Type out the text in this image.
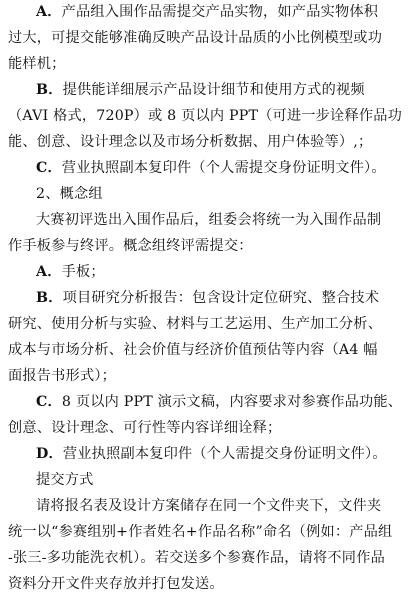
A．产品组入围作品需提交产品实物，如产品实物体积
过大，可提交能够准确反映产品设计品质的小比例模型或功
能样机；
B．提供能详细展示产品设计细节和使用方式的视频
（AVI 格式，720P）或 8 页以内 PPT（可进一步诠释作品功
能、创意、设计理念以及市场分析数据、用户体验等）,；
C．营业执照副本复印件（个人需提交身份证明文件）。
2、概念组
大赛初评选出入围作品后，组委会将统一为入围作品制
作手板参与终评。概念组终评需提交：
A．手板；
B．项目研究分析报告：包含设计定位研究、整合技术
研究、使用分析与实验、材料与工艺运用、生产加工分析、
成本与市场分析、社会价值与经济价值预估等内容（A4 幅
面报告书形式）；
C．8 页以内 PPT 演示文稿，内容要求对参赛作品功能、
创意、设计理念、可行性等内容详细诠释；
D．营业执照副本复印件（个人需提交身份证明文件）。
提交方式
请将报名表及设计方案储存在同一个文件夹下，文件夹
统一以“参赛组别+作者姓名+作品名称”命名（例如：产品组
-张三-多功能洗衣机）。若交送多个参赛作品，请将不同作品
资料分开文件夹存放并打包发送。
